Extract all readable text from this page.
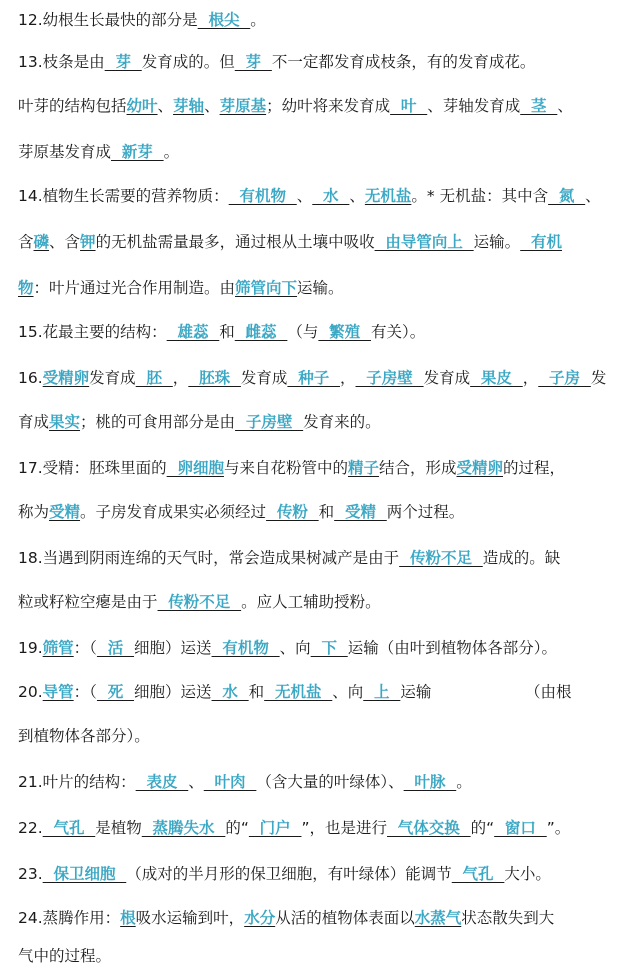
12.幼根生长最快的部分是  根尖  。
13.枝条是由  芽  发育成的。但  芽  不一定都发育成枝条，有的发育成花。
叶芽的结构包括幼叶、芽轴、芽原基；幼叶将来发育成  叶  、芽轴发育成  茎  、
芽原基发育成  新芽  。
14.植物生长需要的营养物质：  有机物  、  水  、无机盐。* 无机盐：其中含  氮  、
含磷、含钾的无机盐需量最多，通过根从土壤中吸收  由导管向上  运输。  有机
物：叶片通过光合作用制造。由筛管向下运输。
15.花最主要的结构：  雄蕊  和  雌蕊  （与  繁殖  有关）。
16.受精卵发育成  胚  ，  胚珠  发育成  种子  ，  子房壁  发育成  果皮  ，  子房  发
育成果实；桃的可食用部分是由  子房壁  发育来的。
17.受精：胚珠里面的  卵细胞与来自花粉管中的精子结合，形成受精卵的过程，
称为受精。子房发育成果实必须经过  传粉  和  受精  两个过程。
18.当遇到阴雨连绵的天气时，常会造成果树减产是由于  传粉不足  造成的。缺
粒或籽粒空瘪是由于  传粉不足  。应人工辅助授粉。
19.筛管：（  活  细胞）运送  有机物  、向  下  运输（由叶到植物体各部分）。
20.导管：（  死  细胞）运送  水  和  无机盐  、向  上  运输                   （由根
到植物体各部分）。
21.叶片的结构：  表皮  、  叶肉  （含大量的叶绿体）、  叶脉  。
22.  气孔  是植物  蒸腾失水  的“  门户  ”，也是进行  气体交换  的“  窗口  ”。
23.  保卫细胞  （成对的半月形的保卫细胞，有叶绿体）能调节  气孔  大小。
24.蒸腾作用：根吸水运输到叶，水分从活的植物体表面以水蒸气状态散失到大
气中的过程。
